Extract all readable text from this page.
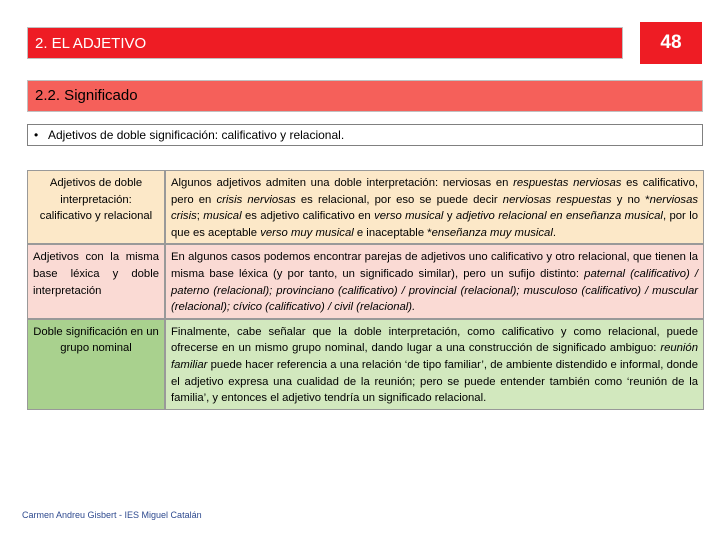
2. EL ADJETIVO	48
2.2. Significado
• Adjetivos de doble significación: calificativo y relacional.
Adjetivos de doble interpretación: calificativo y relacional	Algunos adjetivos admiten una doble interpretación: nerviosas en respuestas nerviosas es calificativo, pero en crisis nerviosas es relacional, por eso se puede decir nerviosas respuestas y no *nerviosas crisis; musical es adjetivo calificativo en verso musical y adjetivo relacional en enseñanza musical, por lo que es aceptable verso muy musical e inaceptable *enseñanza muy musical.
Adjetivos con la misma base léxica y doble interpretación	En algunos casos podemos encontrar parejas de adjetivos uno calificativo y otro relacional, que tienen la misma base léxica (y por tanto, un significado similar), pero un sufijo distinto: paternal (calificativo) / paterno (relacional); provinciano (calificativo) / provincial (relacional); musculoso (calificativo) / muscular (relacional); cívico (calificativo) / civil (relacional).
Doble significación en un grupo nominal	Finalmente, cabe señalar que la doble interpretación, como calificativo y como relacional, puede ofrecerse en un mismo grupo nominal, dando lugar a una construcción de significado ambiguo: reunión familiar puede hacer referencia a una relación ‘de tipo familiar’, de ambiente distendido e informal, donde el adjetivo expresa una cualidad de la reunión; pero se puede entender también como ‘reunión de la familia’, y entonces el adjetivo tendría un significado relacional.
Carmen Andreu Gisbert - IES Miguel Catalán
